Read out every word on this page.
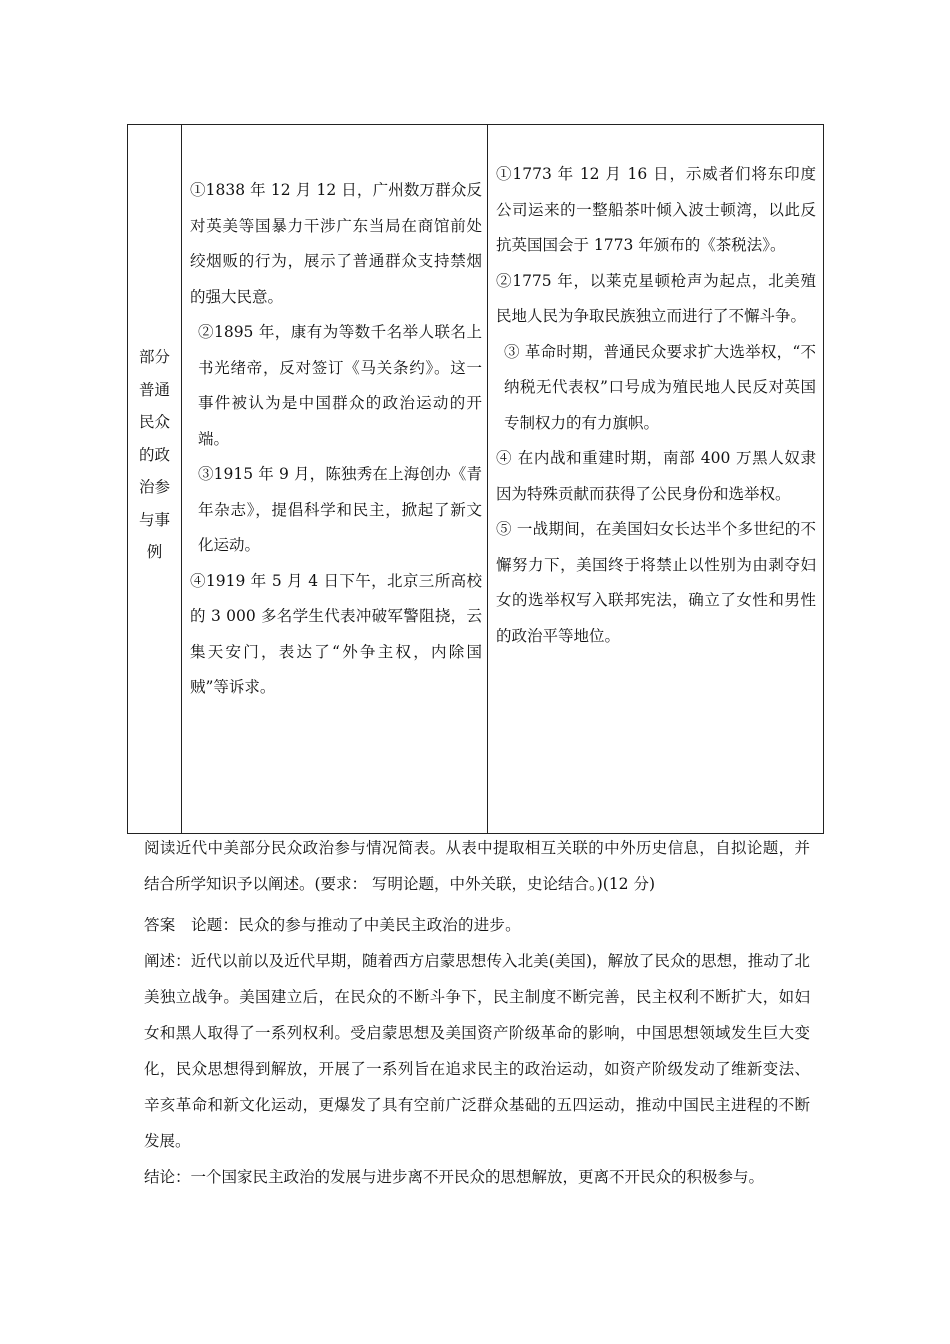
部分
普通
民众
的政
治参
与事
例

①1838 年 12 月 12 日，广州数万群众反对英美等国暴力干涉广东当局在商馆前处绞烟贩的行为，展示了普通群众支持禁烟的强大民意。

②1895 年，康有为等数千名举人联名上书光绪帝，反对签订《马关条约》。这一事件被认为是中国群众的政治运动的开端。

③1915 年 9 月，陈独秀在上海创办《青年杂志》，提倡科学和民主，掀起了新文化运动。

④1919 年 5 月 4 日下午，北京三所高校的 3 000 多名学生代表冲破军警阻挠，云集天安门，表达了“外争主权，内除国贼”等诉求。

①1773 年 12 月 16 日，示威者们将东印度公司运来的一整船茶叶倾入波士顿湾，以此反抗英国国会于 1773 年颁布的《茶税法》。

②1775 年，以莱克星顿枪声为起点，北美殖民地人民为争取民族独立而进行了不懈斗争。

③ 革命时期，普通民众要求扩大选举权，“不纳税无代表权”口号成为殖民地人民反对英国专制权力的有力旗帜。

④ 在内战和重建时期，南部 400 万黑人奴隶因为特殊贡献而获得了公民身份和选举权。

⑤ 一战期间，在美国妇女长达半个多世纪的不懈努力下，美国终于将禁止以性别为由剥夺妇女的选举权写入联邦宪法，确立了女性和男性的政治平等地位。

阅读近代中美部分民众政治参与情况简表。从表中提取相互关联的中外历史信息，自拟论题，并结合所学知识予以阐述。(要求： 写明论题，中外关联，史论结合。)(12 分)

答案　论题：民众的参与推动了中美民主政治的进步。

阐述：近代以前以及近代早期，随着西方启蒙思想传入北美(美国)，解放了民众的思想，推动了北美独立战争。美国建立后，在民众的不断斗争下，民主制度不断完善，民主权利不断扩大，如妇女和黑人取得了一系列权利。受启蒙思想及美国资产阶级革命的影响，中国思想领域发生巨大变化，民众思想得到解放，开展了一系列旨在追求民主的政治运动，如资产阶级发动了维新变法、辛亥革命和新文化运动，更爆发了具有空前广泛群众基础的五四运动，推动中国民主进程的不断发展。

结论：一个国家民主政治的发展与进步离不开民众的思想解放，更离不开民众的积极参与。
